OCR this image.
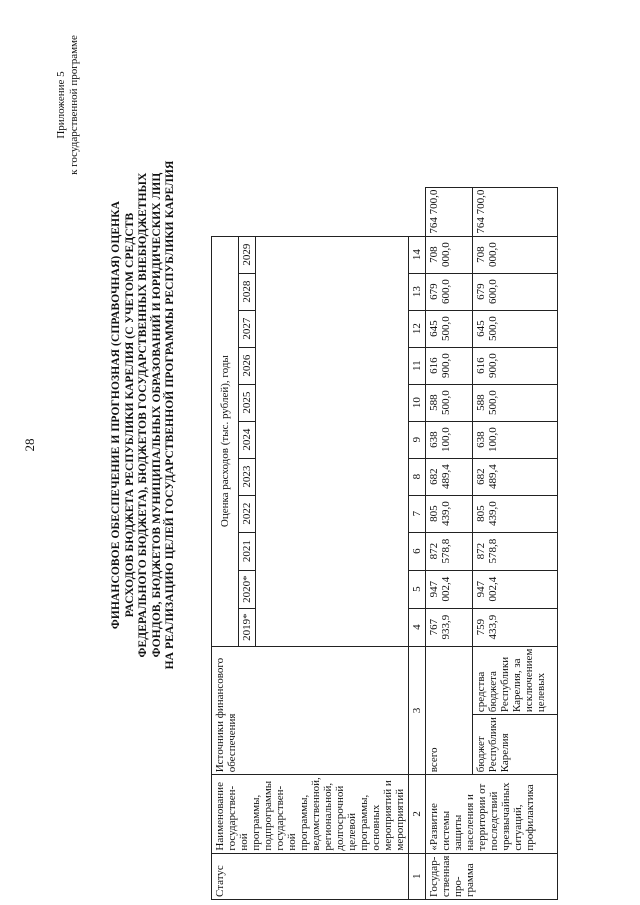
28
Приложение 5 к государственной программе
ФИНАНСОВОЕ ОБЕСПЕЧЕНИЕ И ПРОГНОЗНАЯ (СПРАВОЧНАЯ) ОЦЕНКА РАСХОДОВ БЮДЖЕТА РЕСПУБЛИКИ КАРЕЛИЯ (С УЧЕТОМ СРЕДСТВ ФЕДЕРАЛЬНОГО БЮДЖЕТА), БЮДЖЕТОВ ГОСУДАРСТВЕННЫХ ВНЕБЮДЖЕТНЫХ ФОНДОВ, БЮДЖЕТОВ МУНИЦИПАЛЬНЫХ ОБРАЗОВАНИЙ И ЮРИДИЧЕСКИХ ЛИЦ НА РЕАЛИЗАЦИЮ ЦЕЛЕЙ ГОСУДАРСТВЕННОЙ ПРОГРАММЫ РЕСПУБЛИКИ КАРЕЛИЯ
Статус	Наименование государствен-ной программы, подпрограммы государствен-ной программы, ведомственной, региональной, долгосрочной целевой программы, основных мероприятий и мероприятий	Источники финансового обеспечения		Оценка расходов (тыс. рублей), годы											
				2019*	2020*	2021	2022	2023	2024	2025	2026	2027	2028	2029	

1	2	3		4	5	6	7	8	9	10	11	12	13	14	
Государ-ственная про-грамма	«Развитие системы защиты населения и территории от последствий чрезвычайных ситуаций, профилактика	всего		767 933,9	947 002,4	872 578,8	805 439,0	682 489,4	638 100,0	588 500,0	616 900,0	645 500,0	679 600,0	708 000,0	764 700,0
		бюджет Республики Карелия	средства бюджета Республики Карелия, за исключением целевых	759 433,9	947 002,4	872 578,8	805 439,0	682 489,4	638 100,0	588 500,0	616 900,0	645 500,0	679 600,0	708 000,0	764 700,0
